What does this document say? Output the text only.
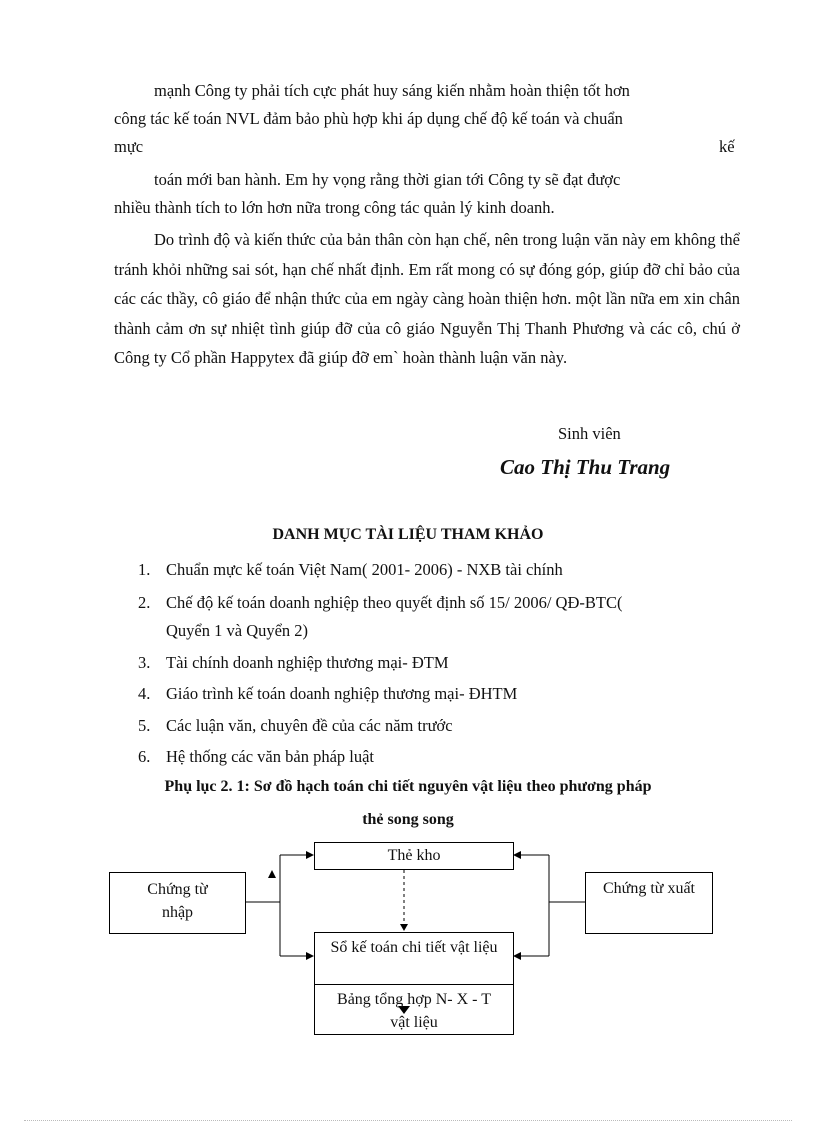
mạnh Công ty phải tích cực phát huy sáng kiến nhằm hoàn thiện tốt hơn
công tác kế toán NVL đảm bảo phù hợp khi áp dụng chế độ kế toán và chuẩn
mực	kế
toán mới ban hành. Em hy vọng rằng thời gian tới Công ty sẽ đạt được
nhiều thành tích to lớn hơn nữa trong công tác quản lý kinh doanh.

Do trình độ và kiến thức của bản thân còn hạn chế, nên trong luận văn này em không thể tránh khỏi những sai sót, hạn chế nhất định. Em rất mong có sự đóng góp, giúp đỡ chỉ bảo của các các thầy, cô giáo để nhận thức của em ngày càng hoàn thiện hơn. một lần nữa em xin chân thành cảm ơn sự nhiệt tình giúp đỡ của cô giáo Nguyễn Thị Thanh Phương và các cô, chú ở Công ty Cổ phần Happytex đã giúp đỡ em` hoàn thành luận văn này.

Sinh viên
Cao Thị Thu Trang
DANH MỤC TÀI LIỆU THAM KHẢO
1. Chuẩn mực kế toán Việt Nam( 2001- 2006) - NXB tài chính
2. Chế độ kế toán doanh nghiệp theo quyết định số 15/ 2006/ QĐ-BTC(
Quyển 1 và Quyển 2)
3. Tài chính doanh nghiệp thương mại- ĐTM
4. Giáo trình kế toán doanh nghiệp thương mại- ĐHTM
5. Các luận văn, chuyên đề của các năm trước
6. Hệ thống các văn bản pháp luật
Phụ lục 2. 1: Sơ đồ hạch toán chi tiết nguyên vật liệu theo phương pháp
thẻ song song
Thẻ kho
Chứng từ nhập
Chứng từ xuất
Sổ kế toán chi tiết vật liệu
Bảng tổng hợp N- X - T vật liệu
